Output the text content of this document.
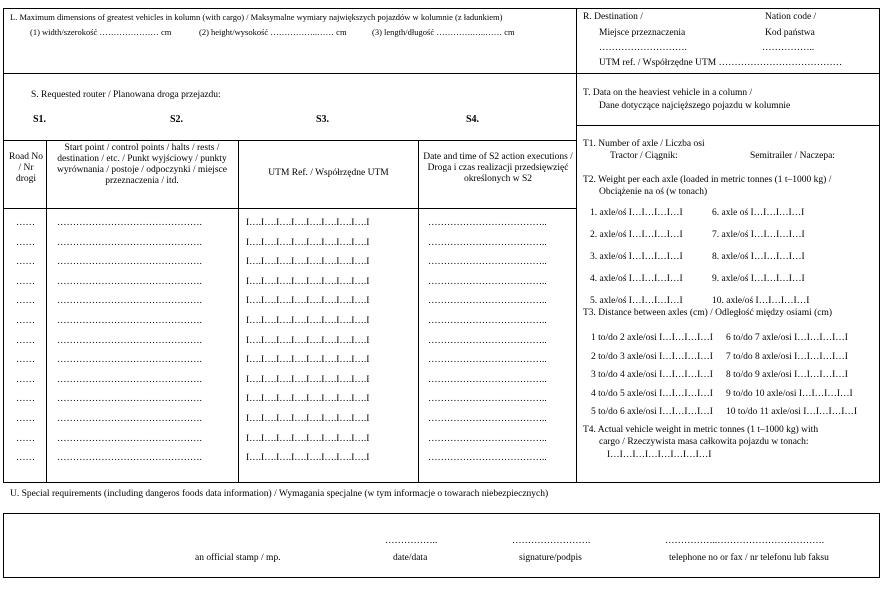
L. Maximum dimensions of greatest vehicles in kolumn (with cargo) / Maksymalne wymiary największych pojazdów w kolumnie (z ładunkiem)
(1) width/szerokość ………………… cm	(2) height/wysokość ……………..…… cm	(3) length/długość ………….…..…… cm
R. Destination /
Miejsce przeznaczenia
Nation code /
Kod państwa
……………………….	……………..
UTM ref. / Współrzędne UTM …………………………………
S. Requested router / Planowana droga przejazdu:
S1.	S2.	S3.	S4.
T. Data on the heaviest vehicle in a column /
Dane dotyczące najcięższego pojazdu w kolumnie
Road No / Nr drogi
Start point / control points / halts / rests / destination / etc. / Punkt wyjściowy / punkty wyrównania / postoje / odpoczynki / miejsce przeznaczenia / itd.
UTM Ref. / Współrzędne UTM
Date and time of S2 action executions / Droga i czas realizacji przedsięwzięć określonych w S2
…… ……………………………………….	I….I….I….I….I….I….I….I….I	………………………………..
…… ……………………………………….	I….I….I….I….I….I….I….I….I	………………………………..
…… ……………………………………….	I….I….I….I….I….I….I….I….I	………………………………..
…… ……………………………………….	I….I….I….I….I….I….I….I….I	………………………………..
…… ……………………………………….	I….I….I….I….I….I….I….I….I	………………………………..
…… ……………………………………….	I….I….I….I….I….I….I….I….I	………………………………..
…… ……………………………………….	I….I….I….I….I….I….I….I….I	………………………………..
…… ……………………………………….	I….I….I….I….I….I….I….I….I	………………………………..
…… ……………………………………….	I….I….I….I….I….I….I….I….I	………………………………..
…… ……………………………………….	I….I….I….I….I….I….I….I….I	………………………………..
…… ……………………………………….	I….I….I….I….I….I….I….I….I	………………………………..
…… ……………………………………….	I….I….I….I….I….I….I….I….I	………………………………..
…… ……………………………………….	I….I….I….I….I….I….I….I….I	………………………………..
T1. Number of axle / Liczba osi
Tractor / Ciągnik:	Semitrailer / Naczepa:
T2. Weight per each axle (loaded in metric tonnes (1 t–1000 kg) /
Obciążenie na oś (w tonach)
1. axle/oś I…I…I…I…I
2. axle/oś I…I…I…I…I
3. axle/oś I…I…I…I…I
4. axle/oś I…I…I…I…I
5. axle/oś I…I…I…I…I
6. axle oś I…I…I…I…I
7. axle/oś I…I…I…I…I
8. axle/oś I…I…I…I…I
9. axle/oś I…I…I…I…I
10. axle/oś I…I…I…I…I
T3. Distance between axles (cm) / Odległość między osiami (cm)
1 to/do 2 axle/osi I…I…I…I…I
2 to/do 3 axle/osi I…I…I…I…I
3 to/do 4 axle/osi I…I…I…I…I
4 to/do 5 axle/osi I…I…I…I…I
5 to/do 6 axle/osi I…I…I…I…I
6 to/do 7 axle/osi I…I…I…I…I
7 to/do 8 axle/osi I…I…I…I…I
8 to/do 9 axle/osi I…I…I…I…I
9 to/do 10 axle/osi I…I…I…I…I
10 to/do 11 axle/osi I…I…I…I…I
T4. Actual vehicle weight in metric tonnes (1 t–1000 kg) with
cargo / Rzeczywista masa całkowita pojazdu w tonach:
I…I…I…I…I…I…I…I…I
U. Special requirements (including dangeros foods data information) / Wymagania specjalne (w tym informacje o towarach niebezpiecznych)
……………..	…………………….	……………..…………………………….
an official stamp / mp.	date/data	signature/podpis	telephone no or fax / nr telefonu lub faksu
